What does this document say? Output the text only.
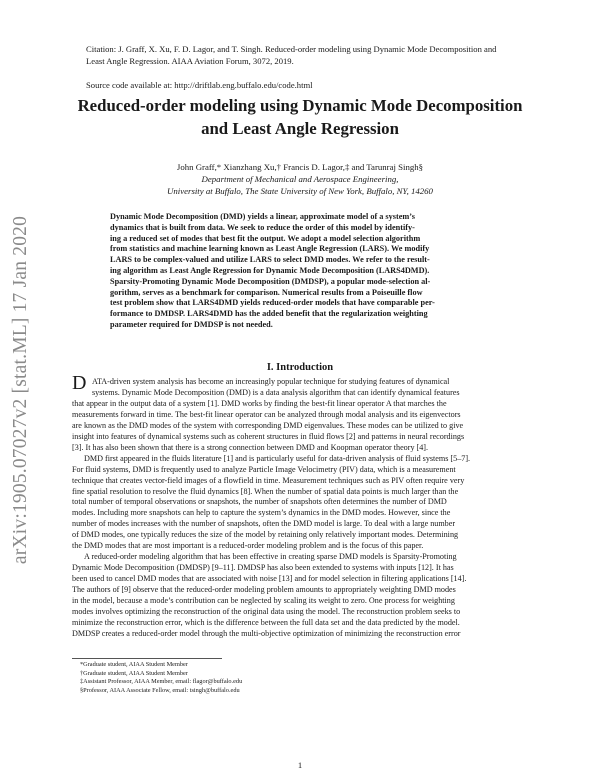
arXiv:1905.07027v2 [stat.ML] 17 Jan 2020
Citation: J. Graff, X. Xu, F. D. Lagor, and T. Singh. Reduced-order modeling using Dynamic Mode Decomposition and
Least Angle Regression. AIAA Aviation Forum, 3072, 2019.
Source code available at: http://driftlab.eng.buffalo.edu/code.html
Reduced-order modeling using Dynamic Mode Decomposition
and Least Angle Regression
John Graff,* Xianzhang Xu,† Francis D. Lagor,‡ and Tarunraj Singh§
Department of Mechanical and Aerospace Engineering,
University at Buffalo, The State University of New York, Buffalo, NY, 14260
Dynamic Mode Decomposition (DMD) yields a linear, approximate model of a system’s
dynamics that is built from data. We seek to reduce the order of this model by identify-
ing a reduced set of modes that best fit the output. We adopt a model selection algorithm
from statistics and machine learning known as Least Angle Regression (LARS). We modify
LARS to be complex-valued and utilize LARS to select DMD modes. We refer to the result-
ing algorithm as Least Angle Regression for Dynamic Mode Decomposition (LARS4DMD).
Sparsity-Promoting Dynamic Mode Decomposition (DMDSP), a popular mode-selection al-
gorithm, serves as a benchmark for comparison. Numerical results from a Poiseuille flow
test problem show that LARS4DMD yields reduced-order models that have comparable per-
formance to DMDSP. LARS4DMD has the added benefit that the regularization weighting
parameter required for DMDSP is not needed.
I. Introduction
D ATA-driven system analysis has become an increasingly popular technique for studying features of dynamical
systems. Dynamic Mode Decomposition (DMD) is a data analysis algorithm that can identify dynamical features
that appear in the output data of a system [1]. DMD works by finding the best-fit linear operator A that marches the
measurements forward in time. The best-fit linear operator can be analyzed through modal analysis and its eigenvectors
are known as the DMD modes of the system with corresponding DMD eigenvalues. These modes can be utilized to give
insight into features of dynamical systems such as coherent structures in fluid flows [2] and patterns in neural recordings
[3]. It has also been shown that there is a strong connection between DMD and Koopman operator theory [4].
DMD first appeared in the fluids literature [1] and is particularly useful for data-driven analysis of fluid systems [5–7].
For fluid systems, DMD is frequently used to analyze Particle Image Velocimetry (PIV) data, which is a measurement
technique that creates vector-field images of a flowfield in time. Measurement techniques such as PIV often require very
fine spatial resolution to resolve the fluid dynamics [8]. When the number of spatial data points is much larger than the
total number of temporal observations or snapshots, the number of snapshots often determines the number of DMD
modes. Including more snapshots can help to capture the system’s dynamics in the DMD modes. However, since the
number of modes increases with the number of snapshots, often the DMD model is large. To deal with a large number
of DMD modes, one typically reduces the size of the model by retaining only relatively important modes. Determining
the DMD modes that are most important is a reduced-order modeling problem and is the focus of this paper.
A reduced-order modeling algorithm that has been effective in creating sparse DMD models is Sparsity-Promoting
Dynamic Mode Decomposition (DMDSP) [9–11]. DMDSP has also been extended to systems with inputs [12]. It has
been used to cancel DMD modes that are associated with noise [13] and for model selection in filtering applications [14].
The authors of [9] observe that the reduced-order modeling problem amounts to appropriately weighting DMD modes
in the model, because a mode’s contribution can be neglected by scaling its weight to zero. One process for weighting
modes involves optimizing the reconstruction of the original data using the model. The reconstruction problem seeks to
minimize the reconstruction error, which is the difference between the full data set and the data predicted by the model.
DMDSP creates a reduced-order model through the multi-objective optimization of minimizing the reconstruction error
*Graduate student, AIAA Student Member
†Graduate student, AIAA Student Member
‡Assistant Professor, AIAA Member, email: flagor@buffalo.edu
§Professor, AIAA Associate Fellow, email: tsingh@buffalo.edu
1
